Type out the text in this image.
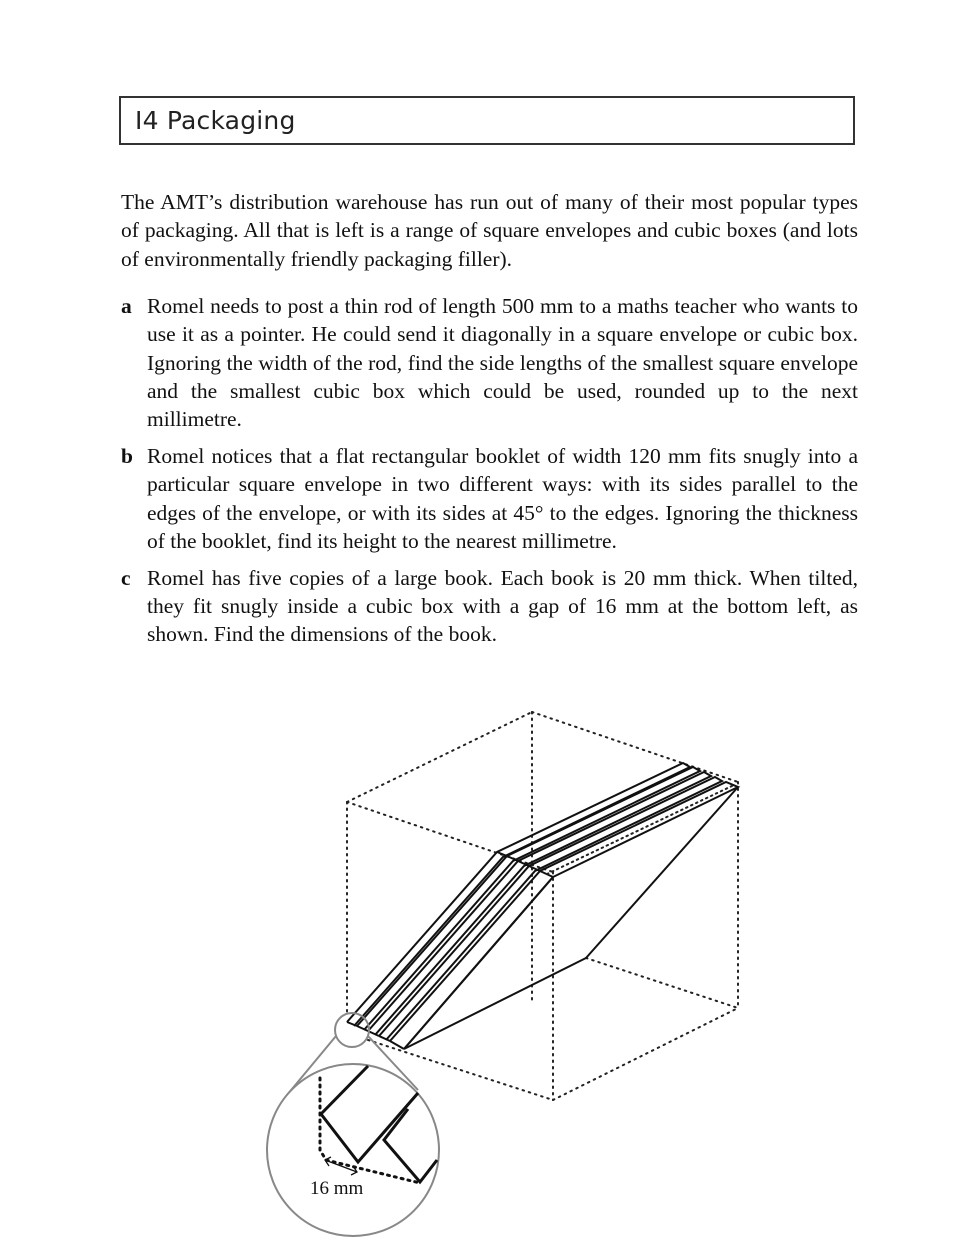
I4 Packaging

The AMT’s distribution warehouse has run out of many of their most popular types of packaging. All that is left is a range of square envelopes and cubic boxes (and lots of environmentally friendly packaging filler).

a Romel needs to post a thin rod of length 500 mm to a maths teacher who wants to use it as a pointer. He could send it diagonally in a square envelope or cubic box. Ignoring the width of the rod, find the side lengths of the smallest square envelope and the smallest cubic box which could be used, rounded up to the next millimetre.

b Romel notices that a flat rectangular booklet of width 120 mm fits snugly into a particular square envelope in two different ways: with its sides parallel to the edges of the envelope, or with its sides at 45° to the edges. Ignoring the thickness of the booklet, find its height to the nearest millimetre.

c Romel has five copies of a large book. Each book is 20 mm thick. When tilted, they fit snugly inside a cubic box with a gap of 16 mm at the bottom left, as shown. Find the dimensions of the book.

16 mm
